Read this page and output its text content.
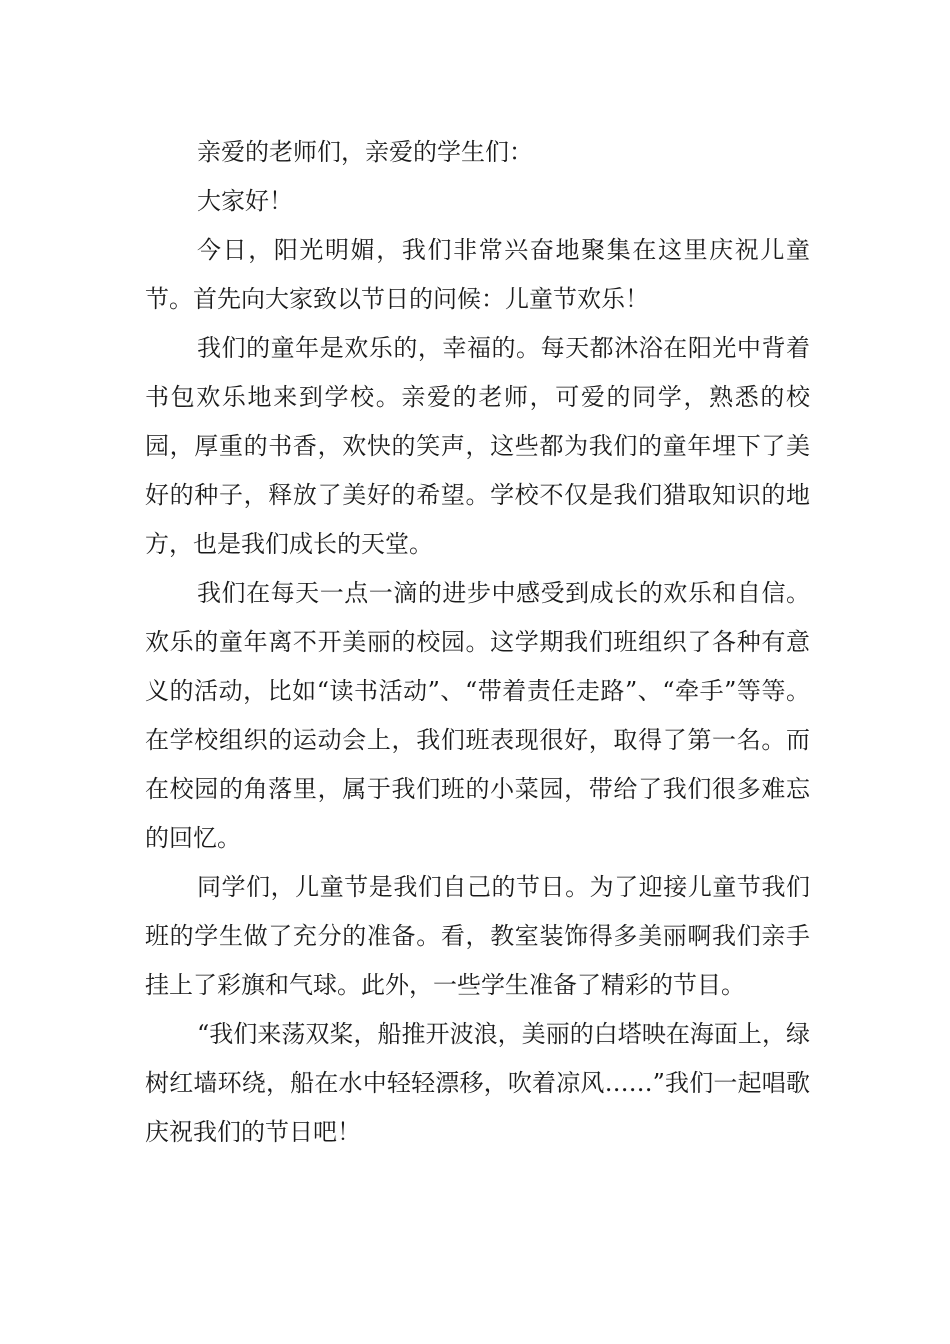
亲爱的老师们，亲爱的学生们：

大家好！

今日，阳光明媚，我们非常兴奋地聚集在这里庆祝儿童节。首先向大家致以节日的问候：儿童节欢乐！

我们的童年是欢乐的，幸福的。每天都沐浴在阳光中背着书包欢乐地来到学校。亲爱的老师，可爱的同学，熟悉的校园，厚重的书香，欢快的笑声，这些都为我们的童年埋下了美好的种子，释放了美好的希望。学校不仅是我们猎取知识的地方，也是我们成长的天堂。

我们在每天一点一滴的进步中感受到成长的欢乐和自信。欢乐的童年离不开美丽的校园。这学期我们班组织了各种有意义的活动，比如“读书活动”、“带着责任走路”、“牵手”等等。在学校组织的运动会上，我们班表现很好，取得了第一名。而在校园的角落里，属于我们班的小菜园，带给了我们很多难忘的回忆。

同学们，儿童节是我们自己的节日。为了迎接儿童节我们班的学生做了充分的准备。看，教室装饰得多美丽啊我们亲手挂上了彩旗和气球。此外，一些学生准备了精彩的节目。

“我们来荡双桨，船推开波浪，美丽的白塔映在海面上，绿树红墙环绕，船在水中轻轻漂移，吹着凉风……”我们一起唱歌庆祝我们的节日吧！
